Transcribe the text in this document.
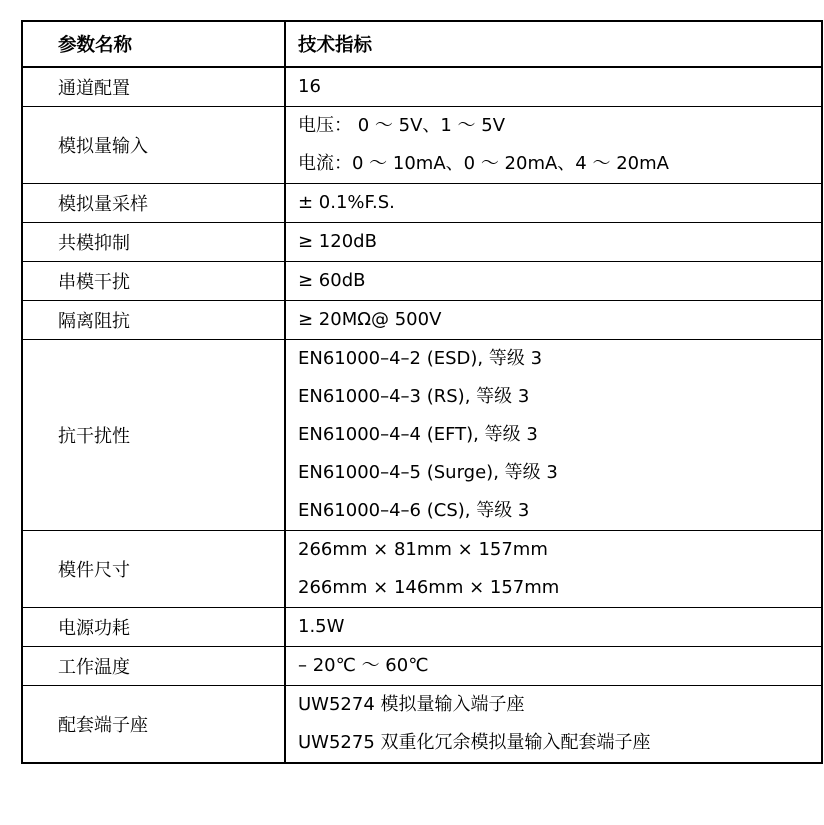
参数名称	技术指标
通道配置	16

模拟量输入	电压： 0 ～ 5V、1 ～ 5V
电流：0 ～ 10mA、0 ～ 20mA、4 ～ 20mA

模拟量采样	± 0.1%F.S.

共模抑制	≥ 120dB

串模干扰	≥ 60dB

隔离阻抗	≥ 20MΩ@ 500V

抗干扰性	EN61000–4–2 (ESD), 等级 3
EN61000–4–3 (RS), 等级 3
EN61000–4–4 (EFT), 等级 3
EN61000–4–5 (Surge), 等级 3
EN61000–4–6 (CS), 等级 3

模件尺寸	266mm × 81mm × 157mm
266mm × 146mm × 157mm

电源功耗	1.5W

工作温度	– 20℃ ～ 60℃

配套端子座	UW5274 模拟量输入端子座
UW5275 双重化冗余模拟量输入配套端子座
